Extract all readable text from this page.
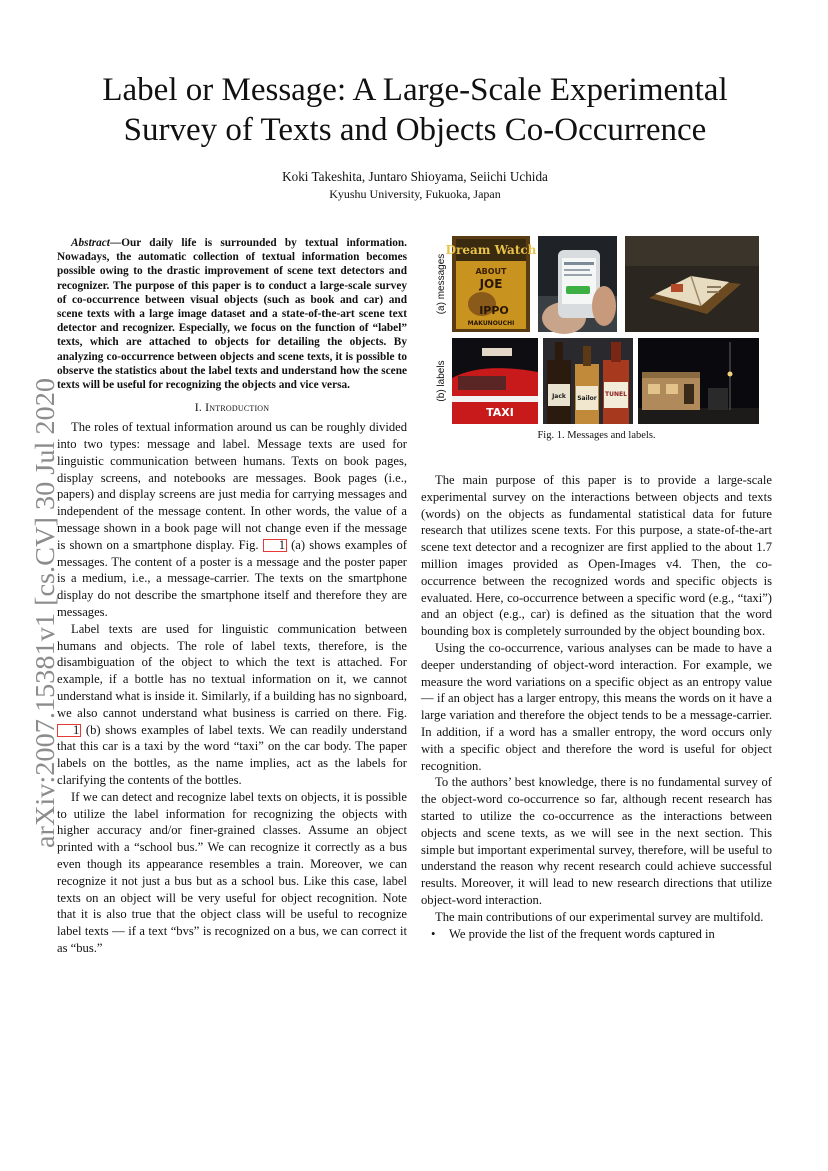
arXiv:2007.15381v1 [cs.CV] 30 Jul 2020
Label or Message: A Large-Scale Experimental
Survey of Texts and Objects Co-Occurrence
Koki Takeshita, Juntaro Shioyama, Seiichi Uchida
Kyushu University, Fukuoka, Japan

Abstract—Our daily life is surrounded by textual information. Nowadays, the automatic collection of textual information becomes possible owing to the drastic improvement of scene text detectors and recognizer. The purpose of this paper is to conduct a large-scale survey of co-occurrence between visual objects (such as book and car) and scene texts with a large image dataset and a state-of-the-art scene text detector and recognizer. Especially, we focus on the function of “label” texts, which are attached to objects for detailing the objects. By analyzing co-occurrence between objects and scene texts, it is possible to observe the statistics about the label texts and understand how the scene texts will be useful for recognizing the objects and vice versa.

I. Introduction

The roles of textual information around us can be roughly divided into two types: message and label. Message texts are used for linguistic communication between humans. Texts on book pages, display screens, and notebooks are messages. Book pages (i.e., papers) and display screens are just media for carrying messages and independent of the message content. In other words, the value of a message shown in a book page will not change even if the message is shown on a smartphone display. Fig. 1 (a) shows examples of messages. The content of a poster is a message and the poster paper is a medium, i.e., a message-carrier. The texts on the smartphone display do not describe the smartphone itself and therefore they are messages.

Label texts are used for linguistic communication between humans and objects. The role of label texts, therefore, is the disambiguation of the object to which the text is attached. For example, if a bottle has no textual information on it, we cannot understand what is inside it. Similarly, if a building has no signboard, we also cannot understand what business is carried on there. Fig. 1 (b) shows examples of label texts. We can readily understand that this car is a taxi by the word “taxi” on the car body. The paper labels on the bottles, as the name implies, act as the labels for clarifying the contents of the bottles.

If we can detect and recognize label texts on objects, it is possible to utilize the label information for recognizing the objects with higher accuracy and/or finer-grained classes. Assume an object printed with a “school bus.” We can recognize it correctly as a bus even though its appearance resembles a train. Moreover, we can recognize it not just a bus but as a school bus. Like this case, label texts on an object will be very useful for object recognition. Note that it is also true that the object class will be useful to recognize label texts — if a text “bvs” is recognized on a bus, we can correct it as “bus.”

(a) messages
(b) labels
Dream Watch
ABOUT
JOE
IPPO
MAKUNOUCHI
TAXI
Jack Sailor
TUNEL
Fig. 1. Messages and labels.

The main purpose of this paper is to provide a large-scale experimental survey on the interactions between objects and texts (words) on the objects as fundamental statistical data for future research that utilizes scene texts. For this purpose, a state-of-the-art scene text detector and a recognizer are first applied to the about 1.7 million images provided as Open-Images v4. Then, the co-occurrence between the recognized words and specific objects is evaluated. Here, co-occurrence between a specific word (e.g., “taxi”) and an object (e.g., car) is defined as the situation that the word bounding box is completely surrounded by the object bounding box.

Using the co-occurrence, various analyses can be made to have a deeper understanding of object-word interaction. For example, we measure the word variations on a specific object as an entropy value — if an object has a larger entropy, this means the words on it have a large variation and therefore the object tends to be a message-carrier. In addition, if a word has a smaller entropy, the word occurs only with a specific object and therefore the word is useful for object recognition.

To the authors’ best knowledge, there is no fundamental survey of the object-word co-occurrence so far, although recent research has started to utilize the co-occurrence as the interactions between objects and scene texts, as we will see in the next section. This simple but important experimental survey, therefore, will be useful to understand the reason why recent research could achieve successful results. Moreover, it will lead to new research directions that utilize object-word interaction.

The main contributions of our experimental survey are multifold.

•	We provide the list of the frequent words captured in
